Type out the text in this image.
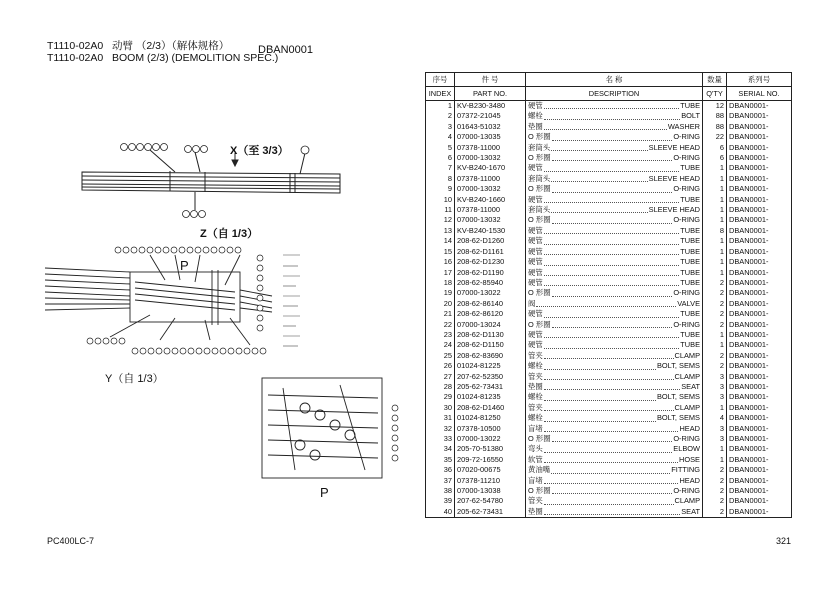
T1110-02A0   动臂 （2/3）（解体规格）
T1110-02A0   BOOM (2/3) (DEMOLITION SPEC.)
DBAN0001
X（至 3/3）
Z（自 1/3）
Y（自 1/3）
P
P
序号	件 号	名 称	数量	系列号
INDEX	PART NO.	DESCRIPTION	Q'TY	SERIAL NO.
1	KV-B230-3480	硬管 TUBE	12	DBAN0001-
2	07372-21045	螺栓 BOLT	88	DBAN0001-
3	01643-51032	垫圈 WASHER	88	DBAN0001-
4	07000-13035	O 形圈 O-RING	22	DBAN0001-
5	07378-11000	套筒头 SLEEVE HEAD	6	DBAN0001-
6	07000-13032	O 形圈 O-RING	6	DBAN0001-
7	KV-B240-1670	硬管 TUBE	1	DBAN0001-
8	07378-11000	套筒头 SLEEVE HEAD	1	DBAN0001-
9	07000-13032	O 形圈 O-RING	1	DBAN0001-
10	KV-B240-1660	硬管 TUBE	1	DBAN0001-
11	07378-11000	套筒头 SLEEVE HEAD	1	DBAN0001-
12	07000-13032	O 形圈 O-RING	1	DBAN0001-
13	KV-B240-1530	硬管 TUBE	8	DBAN0001-
14	208-62-D1260	硬管 TUBE	1	DBAN0001-
15	208-62-D1161	硬管 TUBE	1	DBAN0001-
16	208-62-D1230	硬管 TUBE	1	DBAN0001-
17	208-62-D1190	硬管 TUBE	1	DBAN0001-
18	208-62-85940	硬管 TUBE	2	DBAN0001-
19	07000-13022	O 形圈 O-RING	2	DBAN0001-
20	208-62-86140	阀 VALVE	2	DBAN0001-
21	208-62-86120	硬管 TUBE	2	DBAN0001-
22	07000-13024	O 形圈 O-RING	2	DBAN0001-
23	208-62-D1130	硬管 TUBE	1	DBAN0001-
24	208-62-D1150	硬管 TUBE	1	DBAN0001-
25	208-62-83690	管夹 CLAMP	2	DBAN0001-
26	01024-81225	螺栓 BOLT, SEMS	2	DBAN0001-
27	207-62-52350	管夹 CLAMP	3	DBAN0001-
28	205-62-73431	垫圈 SEAT	3	DBAN0001-
29	01024-81235	螺栓 BOLT, SEMS	3	DBAN0001-
30	208-62-D1460	管夹 CLAMP	1	DBAN0001-
31	01024-81250	螺栓 BOLT, SEMS	4	DBAN0001-
32	07378-10500	盲堵 HEAD	3	DBAN0001-
33	07000-13022	O 形圈 O-RING	3	DBAN0001-
34	205-70-51380	弯头 ELBOW	1	DBAN0001-
35	209-72-16550	软管 HOSE	1	DBAN0001-
36	07020-00675	黄油嘴 FITTING	2	DBAN0001-
37	07378-11210	盲堵 HEAD	2	DBAN0001-
38	07000-13038	O 形圈 O-RING	2	DBAN0001-
39	207-62-54780	管夹 CLAMP	2	DBAN0001-
40	205-62-73431	垫圈 SEAT	2	DBAN0001-
PC400LC-7	321
